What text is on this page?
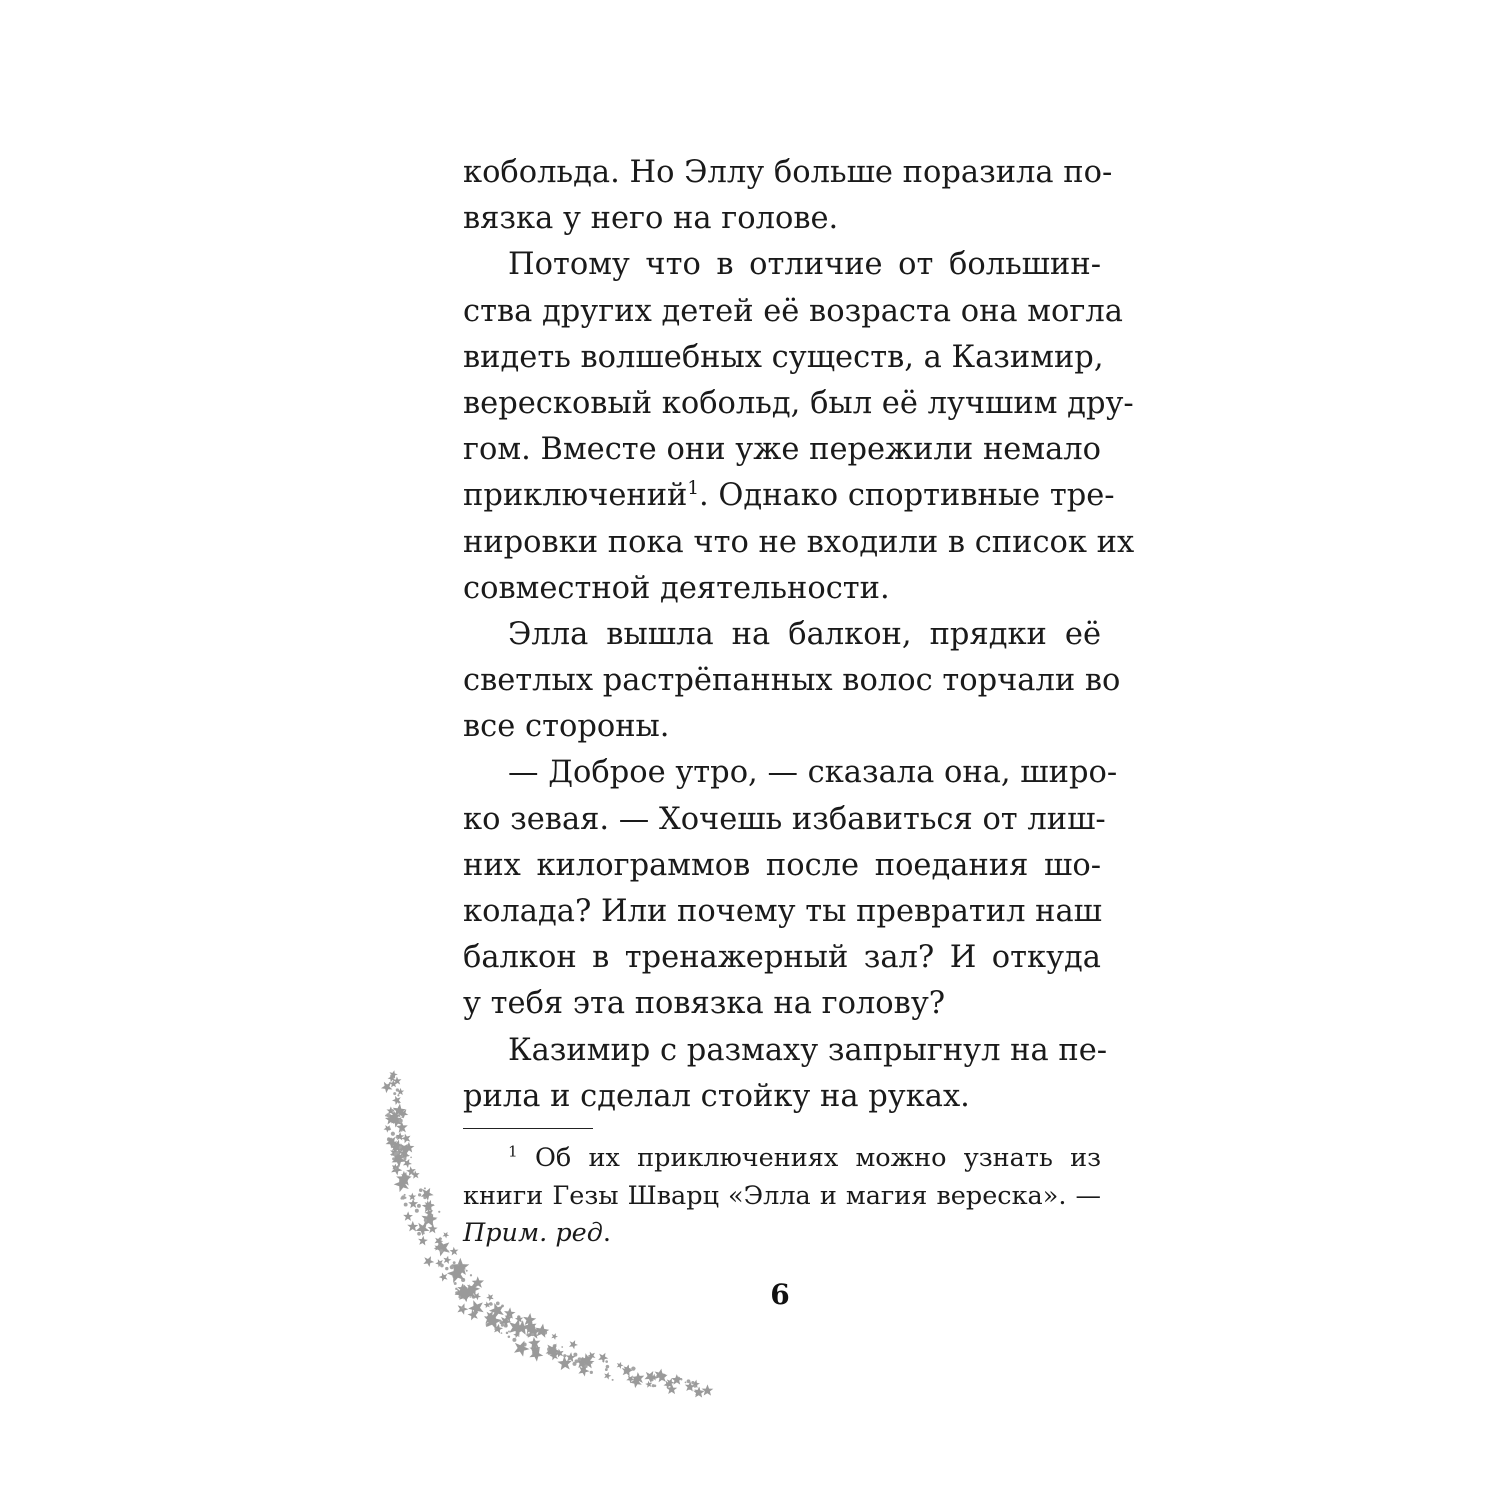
кобольда. Но Эллу больше поразила по-
вязка у него на голове.
Потому что в отличие от большин-
ства других детей её возраста она могла
видеть волшебных существ, а Казимир,
вересковый кобольд, был её лучшим дру-
гом. Вместе они уже пережили немало
приключений$^1$. Однако спортивные тре-
нировки пока что не входили в список их
совместной деятельности.
Элла вышла на балкон, прядки её
светлых растрёпанных волос торчали во
все стороны.
— Доброе утро, — сказала она, широ-
ко зевая. — Хочешь избавиться от лиш-
них килограммов после поедания шо-
колада? Или почему ты превратил наш
балкон в тренажерный зал? И откуда
у тебя эта повязка на голову?
Казимир с размаху запрыгнул на пе-
рила и сделал стойку на руках.
$^1$ Об их приключениях можно узнать из
книги Гезы Шварц «Элла и магия вереска». —
Прим. ред.
6
